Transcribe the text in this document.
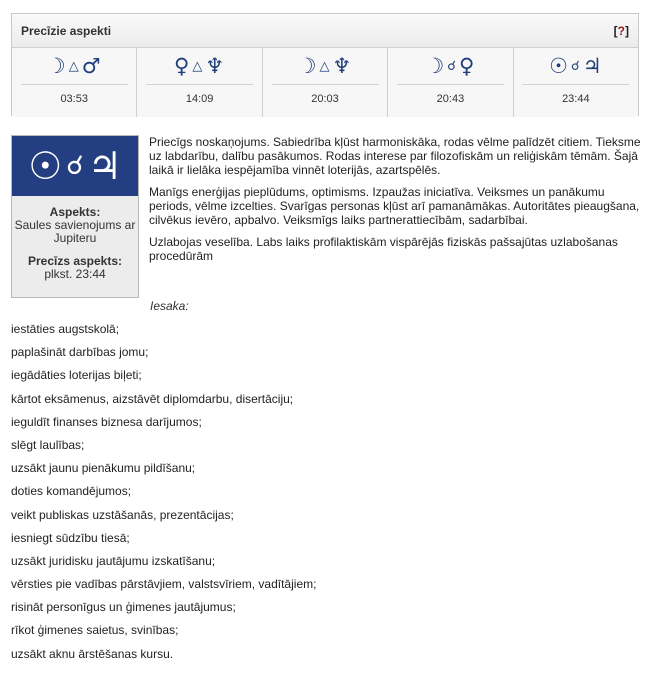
Precīzie aspekti	[?]
☽ △ ♂
03:53
♀ △ ♆
14:09
☽ △ ♆
20:03
☽ ☌ ♀
20:43
☉ ☌ ♃
23:44
☉ ☌ ♃
Aspekts:
Saules savienojums ar Jupiteru
Precīzs aspekts:
plkst. 23:44

Priecīgs noskaņojums. Sabiedrība kļūst harmoniskāka, rodas vēlme palīdzēt citiem. Tieksme uz labdarību, dalību pasākumos. Rodas interese par filozofiskām un reliģiskām tēmām. Šajā laikā ir lielāka iespējamība vinnēt loterijās, azartspēlēs.

Manīgs enerģijas pieplūdums, optimisms. Izpaužas iniciatīva. Veiksmes un panākumu periods, vēlme izcelties. Svarīgas personas kļūst arī pamanāmākas. Autoritātes pieaugšana, cilvēkus ievēro, apbalvo. Veiksmīgs laiks partnerattiecībām, sadarbībai.

Uzlabojas veselība. Labs laiks profilaktiskām vispārējās fiziskās pašsajūtas uzlabošanas procedūrām

Iesaka:
iestāties augstskolā;
paplašināt darbības jomu;
iegādāties loterijas biļeti;
kārtot eksāmenus, aizstāvēt diplomdarbu, disertāciju;
ieguldīt finanses biznesa darījumos;
slēgt laulības;
uzsākt jaunu pienākumu pildīšanu;
doties komandējumos;
veikt publiskas uzstāšanās, prezentācijas;
iesniegt sūdzību tiesā;
uzsākt juridisku jautājumu izskatīšanu;
vērsties pie vadības pārstāvjiem, valstsvīriem, vadītājiem;
risināt personīgus un ģimenes jautājumus;
rīkot ģimenes saietus, svinības;
uzsākt aknu ārstēšanas kursu.
